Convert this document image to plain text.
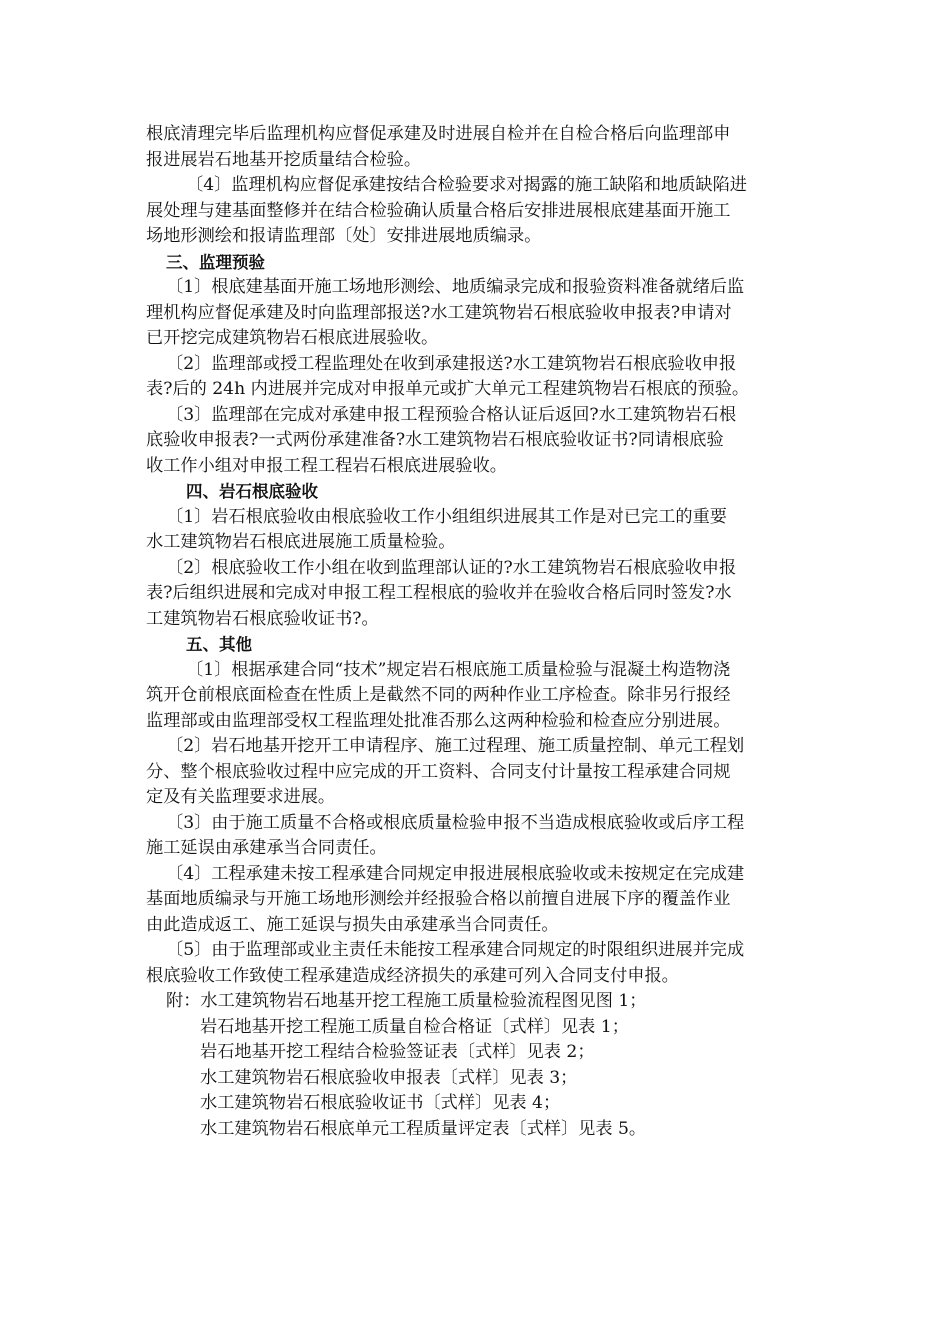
根底清理完毕后监理机构应督促承建及时进展自检并在自检合格后向监理部申

报进展岩石地基开挖质量结合检验。

〔4〕监理机构应督促承建按结合检验要求对揭露的施工缺陷和地质缺陷进

展处理与建基面整修并在结合检验确认质量合格后安排进展根底建基面开施工

场地形测绘和报请监理部〔处〕安排进展地质编录。

三、监理预验

〔1〕根底建基面开施工场地形测绘、地质编录完成和报验资料准备就绪后监

理机构应督促承建及时向监理部报送?水工建筑物岩石根底验收申报表?申请对

已开挖完成建筑物岩石根底进展验收。

〔2〕监理部或授工程监理处在收到承建报送?水工建筑物岩石根底验收申报

表?后的 24h 内进展并完成对申报单元或扩大单元工程建筑物岩石根底的预验。

〔3〕监理部在完成对承建申报工程预验合格认证后返回?水工建筑物岩石根

底验收申报表?一式两份承建准备?水工建筑物岩石根底验收证书?同请根底验

收工作小组对申报工程工程岩石根底进展验收。

四、岩石根底验收

〔1〕岩石根底验收由根底验收工作小组组织进展其工作是对已完工的重要

水工建筑物岩石根底进展施工质量检验。

〔2〕根底验收工作小组在收到监理部认证的?水工建筑物岩石根底验收申报

表?后组织进展和完成对申报工程工程根底的验收并在验收合格后同时签发?水

工建筑物岩石根底验收证书?。

五、其他

〔1〕根据承建合同“技术”规定岩石根底施工质量检验与混凝土构造物浇

筑开仓前根底面检查在性质上是截然不同的两种作业工序检查。除非另行报经

监理部或由监理部受权工程监理处批准否那么这两种检验和检查应分别进展。

〔2〕岩石地基开挖开工申请程序、施工过程理、施工质量控制、单元工程划

分、整个根底验收过程中应完成的开工资料、合同支付计量按工程承建合同规

定及有关监理要求进展。

〔3〕由于施工质量不合格或根底质量检验申报不当造成根底验收或后序工程

施工延误由承建承当合同责任。

〔4〕工程承建未按工程承建合同规定申报进展根底验收或未按规定在完成建

基面地质编录与开施工场地形测绘并经报验合格以前擅自进展下序的覆盖作业

由此造成返工、施工延误与损失由承建承当合同责任。

〔5〕由于监理部或业主责任未能按工程承建合同规定的时限组织进展并完成

根底验收工作致使工程承建造成经济损失的承建可列入合同支付申报。

附：水工建筑物岩石地基开挖工程施工质量检验流程图见图 1；

岩石地基开挖工程施工质量自检合格证〔式样〕见表 1；

岩石地基开挖工程结合检验签证表〔式样〕见表 2；

水工建筑物岩石根底验收申报表〔式样〕见表 3；

水工建筑物岩石根底验收证书〔式样〕见表 4；

水工建筑物岩石根底单元工程质量评定表〔式样〕见表 5。
